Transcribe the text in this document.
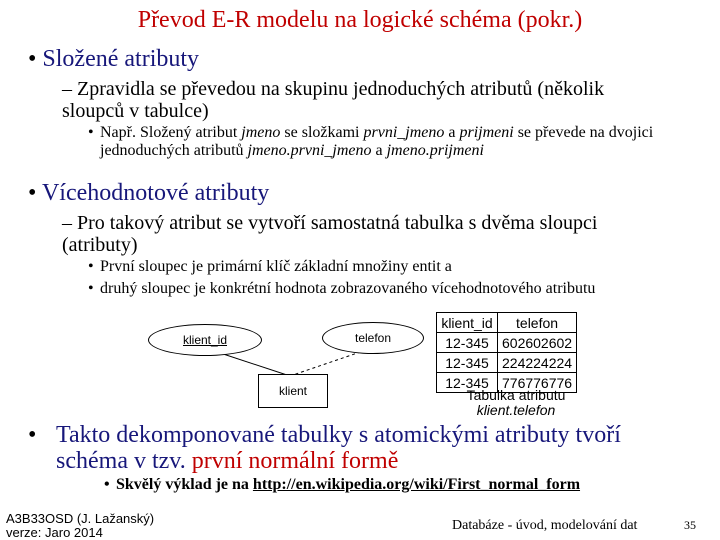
Převod E-R modelu na logické schéma (pokr.)
• Složené atributy
– Zpravidla se převedou na skupinu jednoduchých atributů (několik sloupců v tabulce)
• Např. Složený atribut jmeno se složkami prvni_jmeno a prijmeni se převede na dvojici jednoduchých atributů jmeno.prvni_jmeno a jmeno.prijmeni
• Vícehodnotové atributy
– Pro takový atribut se vytvoří samostatná tabulka s dvěma sloupci (atributy)
• První sloupec je primární klíč základní množiny entit a
• druhý sloupec je konkrétní hodnota zobrazovaného vícehodnotového atributu
klient_id	telefon
klient
klient_id	telefon
12-345	602602602
12-345	224224224
12-345	776776776
Tabulka atributu
klient.telefon
• Takto dekomponované tabulky s atomickými atributy tvoří schéma v tzv. první normální formě
• Skvělý výklad je na http://en.wikipedia.org/wiki/First_normal_form
A3B33OSD (J. Lažanský)
verze: Jaro 2014	Databáze - úvod, modelování dat	35
